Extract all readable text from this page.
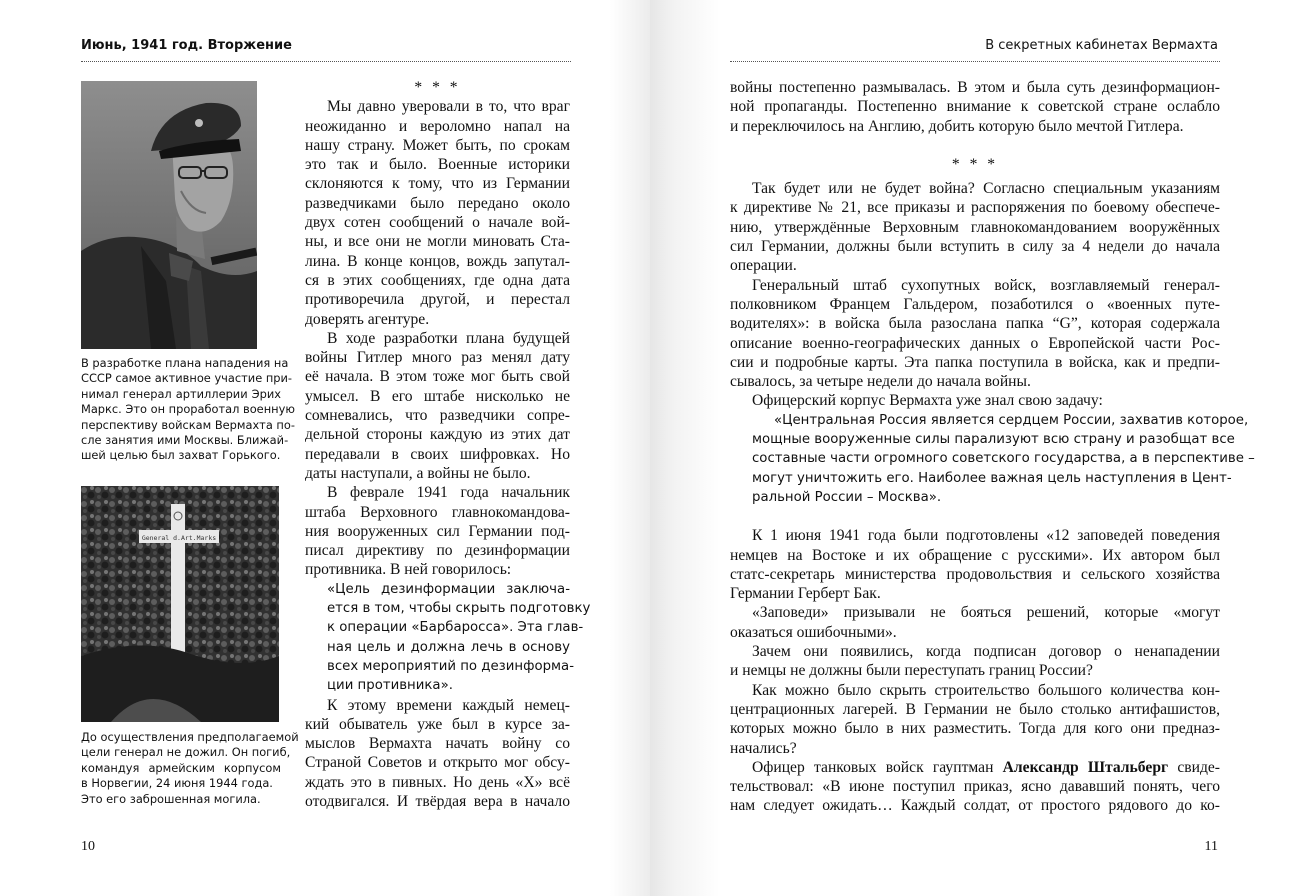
Июнь, 1941 год. Вторжение
В разработке плана нападения на
СССР самое активное участие при-
нимал генерал артиллерии Эрих
Маркс. Это он проработал военную
перспективу войскам Вермахта по-
сле занятия ими Москвы. Ближай-
шей целью был захват Горького.
General d.Art.Marks
До осуществления предполагаемой
цели генерал не дожил. Он погиб,
командуя армейским корпусом
в Норвегии, 24 июня 1944 года.
Это его заброшенная могила.
* * *
Мы давно уверовали в то, что враг
неожиданно и вероломно напал на
нашу страну. Может быть, по срокам
это так и было. Военные историки
склоняются к тому, что из Германии
разведчиками было передано около
двух сотен сообщений о начале вой-
ны, и все они не могли миновать Ста-
лина. В конце концов, вождь запутал-
ся в этих сообщениях, где одна дата
противоречила другой, и перестал
доверять агентуре.
В ходе разработки плана будущей
войны Гитлер много раз менял дату
её начала. В этом тоже мог быть свой
умысел. В его штабе нисколько не
сомневались, что разведчики сопре-
дельной стороны каждую из этих дат
передавали в своих шифровках. Но
даты наступали, а войны не было.
В феврале 1941 года начальник
штаба Верховного главнокомандова-
ния вооруженных сил Германии под-
писал директиву по дезинформации
противника. В ней говорилось:
«Цель дезинформации заключа-
ется в том, чтобы скрыть подготовку
к операции «Барбаросса». Эта глав-
ная цель и должна лечь в основу
всех мероприятий по дезинформа-
ции противника».
К этому времени каждый немец-
кий обыватель уже был в курсе за-
мыслов Вермахта начать войну со
Страной Советов и открыто мог обсу-
ждать это в пивных. Но день «Х» всё
отодвигался. И твёрдая вера в начало
10
В секретных кабинетах Вермахта
войны постепенно размывалась. В этом и была суть дезинформацион-
ной пропаганды. Постепенно внимание к советской стране ослабло
и переключилось на Англию, добить которую было мечтой Гитлера.
* * *
Так будет или не будет война? Согласно специальным указаниям
к директиве № 21, все приказы и распоряжения по боевому обеспече-
нию, утверждённые Верховным главнокомандованием вооружённых
сил Германии, должны были вступить в силу за 4 недели до начала
операции.
Генеральный штаб сухопутных войск, возглавляемый генерал-
полковником Францем Гальдером, позаботился о «военных путе-
водителях»: в войска была разослана папка “G”, которая содержала
описание военно-географических данных о Европейской части Рос-
сии и подробные карты. Эта папка поступила в войска, как и предпи-
сывалось, за четыре недели до начала войны.
Офицерский корпус Вермахта уже знал свою задачу:
«Центральная Россия является сердцем России, захватив которое,
мощные вооруженные силы парализуют всю страну и разобщат все
составные части огромного советского государства, а в перспективе –
могут уничтожить его. Наиболее важная цель наступления в Цент-
ральной России – Москва».
К 1 июня 1941 года были подготовлены «12 заповедей поведения
немцев на Востоке и их обращение с русскими». Их автором был
статс-секретарь министерства продовольствия и сельского хозяйства
Германии Герберт Бак.
«Заповеди» призывали не бояться решений, которые «могут
оказаться ошибочными».
Зачем они появились, когда подписан договор о ненападении
и немцы не должны были переступать границ России?
Как можно было скрыть строительство большого количества кон-
центрационных лагерей. В Германии не было столько антифашистов,
которых можно было в них разместить. Тогда для кого они предназ-
начались?
Офицер танковых войск гауптман Александр Штальберг свиде-
тельствовал: «В июне поступил приказ, ясно дававший понять, чего
нам следует ожидать… Каждый солдат, от простого рядового до ко-
11
